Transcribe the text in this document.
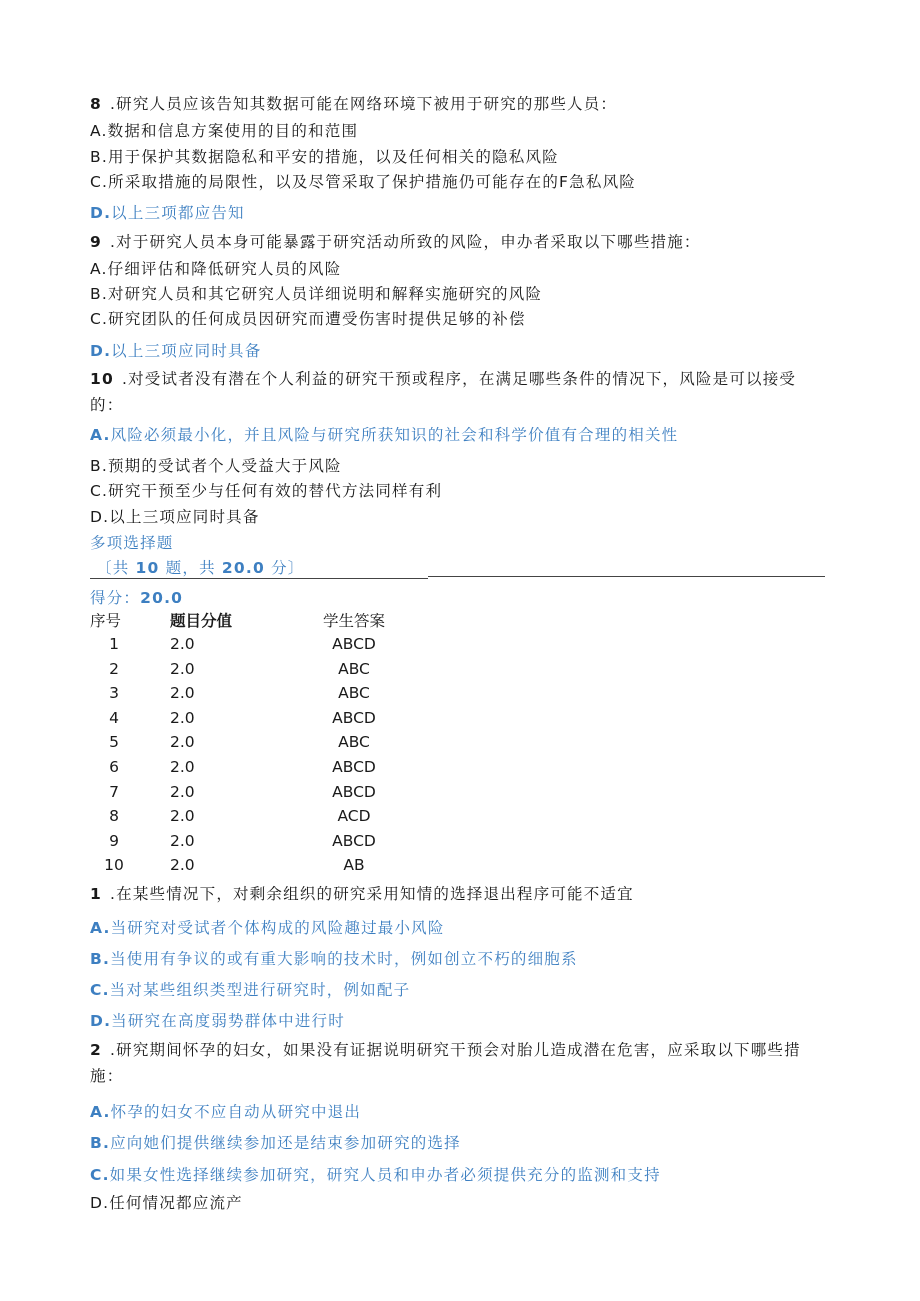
8 .研究人员应该告知其数据可能在网络环境下被用于研究的那些人员：
A.数据和信息方案使用的目的和范围
B.用于保护其数据隐私和平安的措施，以及任何相关的隐私风险
C.所采取措施的局限性，以及尽管采取了保护措施仍可能存在的F急私风险
D.以上三项都应告知
9 .对于研究人员本身可能暴露于研究活动所致的风险，申办者采取以下哪些措施：
A.仔细评估和降低研究人员的风险
B.对研究人员和其它研究人员详细说明和解释实施研究的风险
C.研究团队的任何成员因研究而遭受伤害时提供足够的补偿
D.以上三项应同时具备
10 .对受试者没有潜在个人利益的研究干预或程序，在满足哪些条件的情况下，风险是可以接受的：
A.风险必须最小化，并且风险与研究所获知识的社会和科学价值有合理的相关性
B.预期的受试者个人受益大于风险
C.研究干预至少与任何有效的替代方法同样有利
D.以上三项应同时具备
多项选择题
〔共 10 题，共 20.0 分〕
得分：20.0
序号	题目分值	学生答案
1	2.0	ABCD
2	2.0	ABC
3	2.0	ABC
4	2.0	ABCD
5	2.0	ABC
6	2.0	ABCD
7	2.0	ABCD
8	2.0	ACD
9	2.0	ABCD
10	2.0	AB
1 .在某些情况下，对剩余组织的研究采用知情的选择退出程序可能不适宜
A.当研究对受试者个体构成的风险趣过最小风险
B.当使用有争议的或有重大影响的技术时，例如创立不朽的细胞系
C.当对某些组织类型进行研究时，例如配子
D.当研究在高度弱势群体中进行时
2 .研究期间怀孕的妇女，如果没有证据说明研究干预会对胎儿造成潜在危害，应采取以下哪些措施：
A.怀孕的妇女不应自动从研究中退出
B.应向她们提供继续参加还是结束参加研究的选择
C.如果女性选择继续参加研究，研究人员和申办者必须提供充分的监测和支持
D.任何情况都应流产
